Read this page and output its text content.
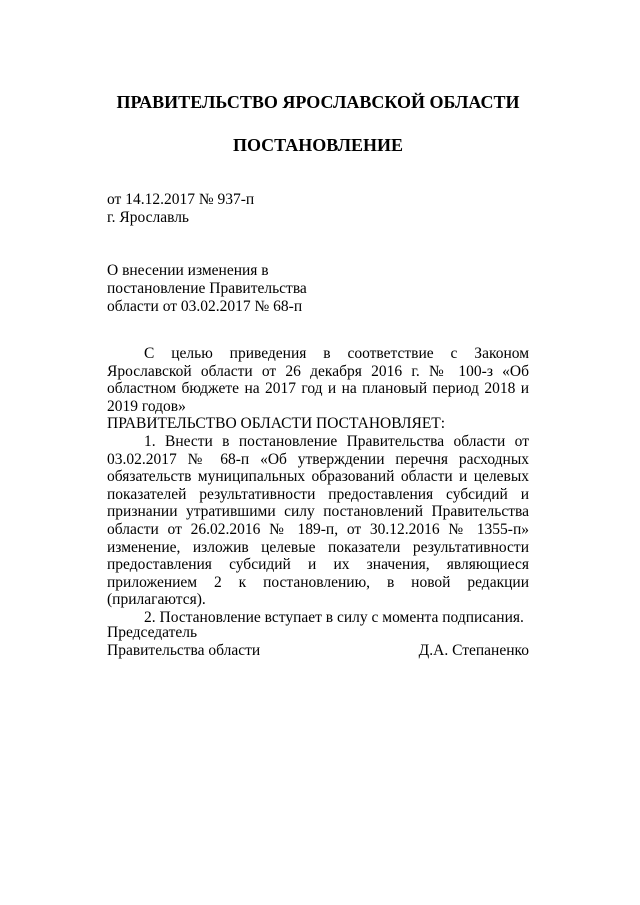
ПРАВИТЕЛЬСТВО ЯРОСЛАВСКОЙ ОБЛАСТИ
ПОСТАНОВЛЕНИЕ
от 14.12.2017 № 937-п
г. Ярославль
О внесении изменения в
постановление Правительства
области от 03.02.2017 № 68-п

С целью приведения в соответствие с Законом Ярославской области от 26 декабря 2016 г. № 100-з «Об областном бюджете на 2017 год и на плановый период 2018 и 2019 годов»

ПРАВИТЕЛЬСТВО ОБЛАСТИ ПОСТАНОВЛЯЕТ:

1. Внести в постановление Правительства области от 03.02.2017 № 68-п «Об утверждении перечня расходных обязательств муниципальных образований области и целевых показателей результативности предоставления субсидий и признании утратившими силу постановлений Правительства области от 26.02.2016 № 189-п, от 30.12.2016 № 1355-п» изменение, изложив целевые показатели результативности предоставления субсидий и их значения, являющиеся приложением 2 к постановлению, в новой редакции (прилагаются).

2. Постановление вступает в силу с момента подписания.

Председатель
Правительства области	Д.А. Степаненко
